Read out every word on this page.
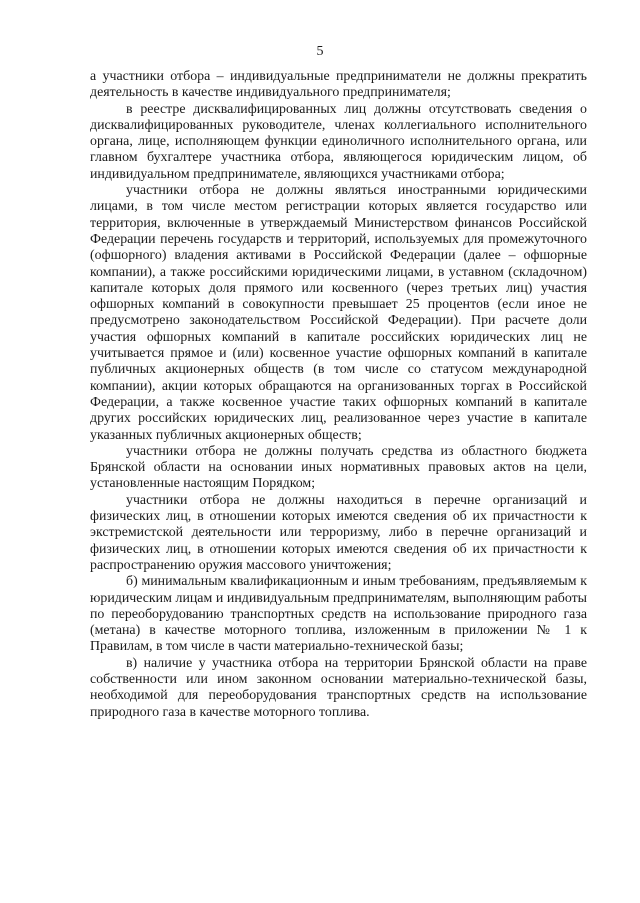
5

а участники отбора – индивидуальные предприниматели не должны прекратить деятельность в качестве индивидуального предпринимателя;

в реестре дисквалифицированных лиц должны отсутствовать сведения о дисквалифицированных руководителе, членах коллегиального исполнительного органа, лице, исполняющем функции единоличного исполнительного органа, или главном бухгалтере участника отбора, являющегося юридическим лицом, об индивидуальном предпринимателе, являющихся участниками отбора;

участники отбора не должны являться иностранными юридическими лицами, в том числе местом регистрации которых является государство или территория, включенные в утверждаемый Министерством финансов Российской Федерации перечень государств и территорий, используемых для промежуточного (офшорного) владения активами в Российской Федерации (далее – офшорные компании), а также российскими юридическими лицами, в уставном (складочном) капитале которых доля прямого или косвенного (через третьих лиц) участия офшорных компаний в совокупности превышает 25 процентов (если иное не предусмотрено законодательством Российской Федерации). При расчете доли участия офшорных компаний в капитале российских юридических лиц не учитывается прямое и (или) косвенное участие офшорных компаний в капитале публичных акционерных обществ (в том числе со статусом международной компании), акции которых обращаются на организованных торгах в Российской Федерации, а также косвенное участие таких офшорных компаний в капитале других российских юридических лиц, реализованное через участие в капитале указанных публичных акционерных обществ;

участники отбора не должны получать средства из областного бюджета Брянской области на основании иных нормативных правовых актов на цели, установленные настоящим Порядком;

участники отбора не должны находиться в перечне организаций и физических лиц, в отношении которых имеются сведения об их причастности к экстремистской деятельности или терроризму, либо в перечне организаций и физических лиц, в отношении которых имеются сведения об их причастности к распространению оружия массового уничтожения;

б) минимальным квалификационным и иным требованиям, предъявляемым к юридическим лицам и индивидуальным предпринимателям, выполняющим работы по переоборудованию транспортных средств на использование природного газа (метана) в качестве моторного топлива, изложенным в приложении № 1 к Правилам, в том числе в части материально-технической базы;

в) наличие у участника отбора на территории Брянской области на праве собственности или ином законном основании материально-технической базы, необходимой для переоборудования транспортных средств на использование природного газа в качестве моторного топлива.
